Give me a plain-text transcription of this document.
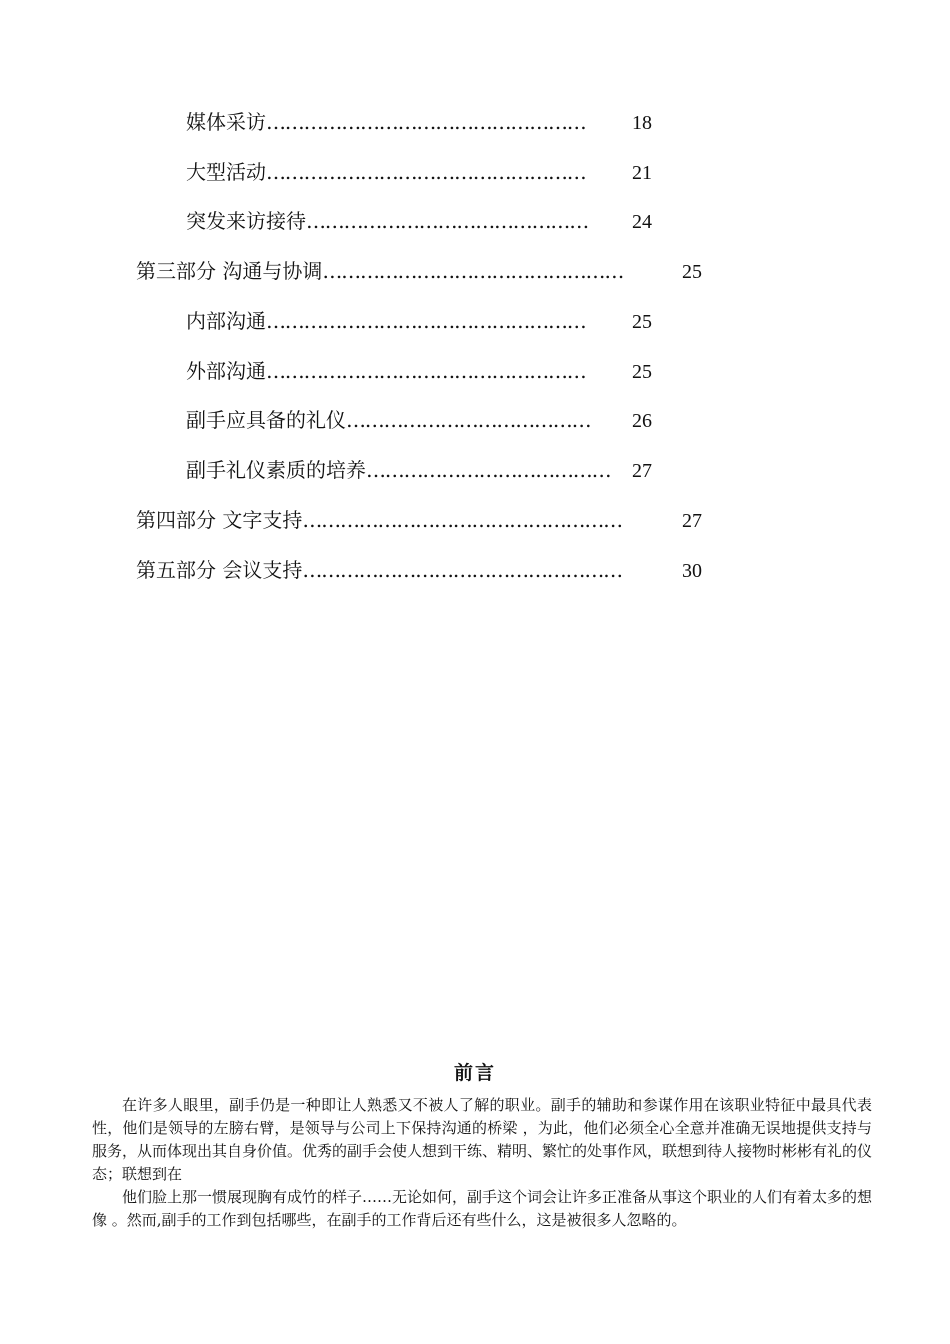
媒体采访…………………………………………… 18
大型活动…………………………………………… 21
突发来访接待……………………………………… 24
第三部分 沟通与协调…………………………………………	25
内部沟通…………………………………………… 25
外部沟通…………………………………………… 25
副手应具备的礼仪………………………………… 26
副手礼仪素质的培养………………………………… 27
第四部分 文字支持……………………………………………	27
第五部分 会议支持……………………………………………	30
前言

在许多人眼里，副手仍是一种即让人熟悉又不被人了解的职业。副手的辅助和参谋作用在该职业特征中最具代表性，他们是领导的左膀右臂，是领导与公司上下保持沟通的桥梁 ，为此，他们必须全心全意并准确无误地提供支持与服务，从而体现出其自身价值。优秀的副手会使人想到干练、精明、繁忙的处事作风，联想到待人接物时彬彬有礼的仪态；联想到在

他们脸上那一惯展现胸有成竹的样子……无论如何，副手这个词会让许多正准备从事这个职业的人们有着太多的想像 。然而,副手的工作到包括哪些，在副手的工作背后还有些什么，这是被很多人忽略的。
